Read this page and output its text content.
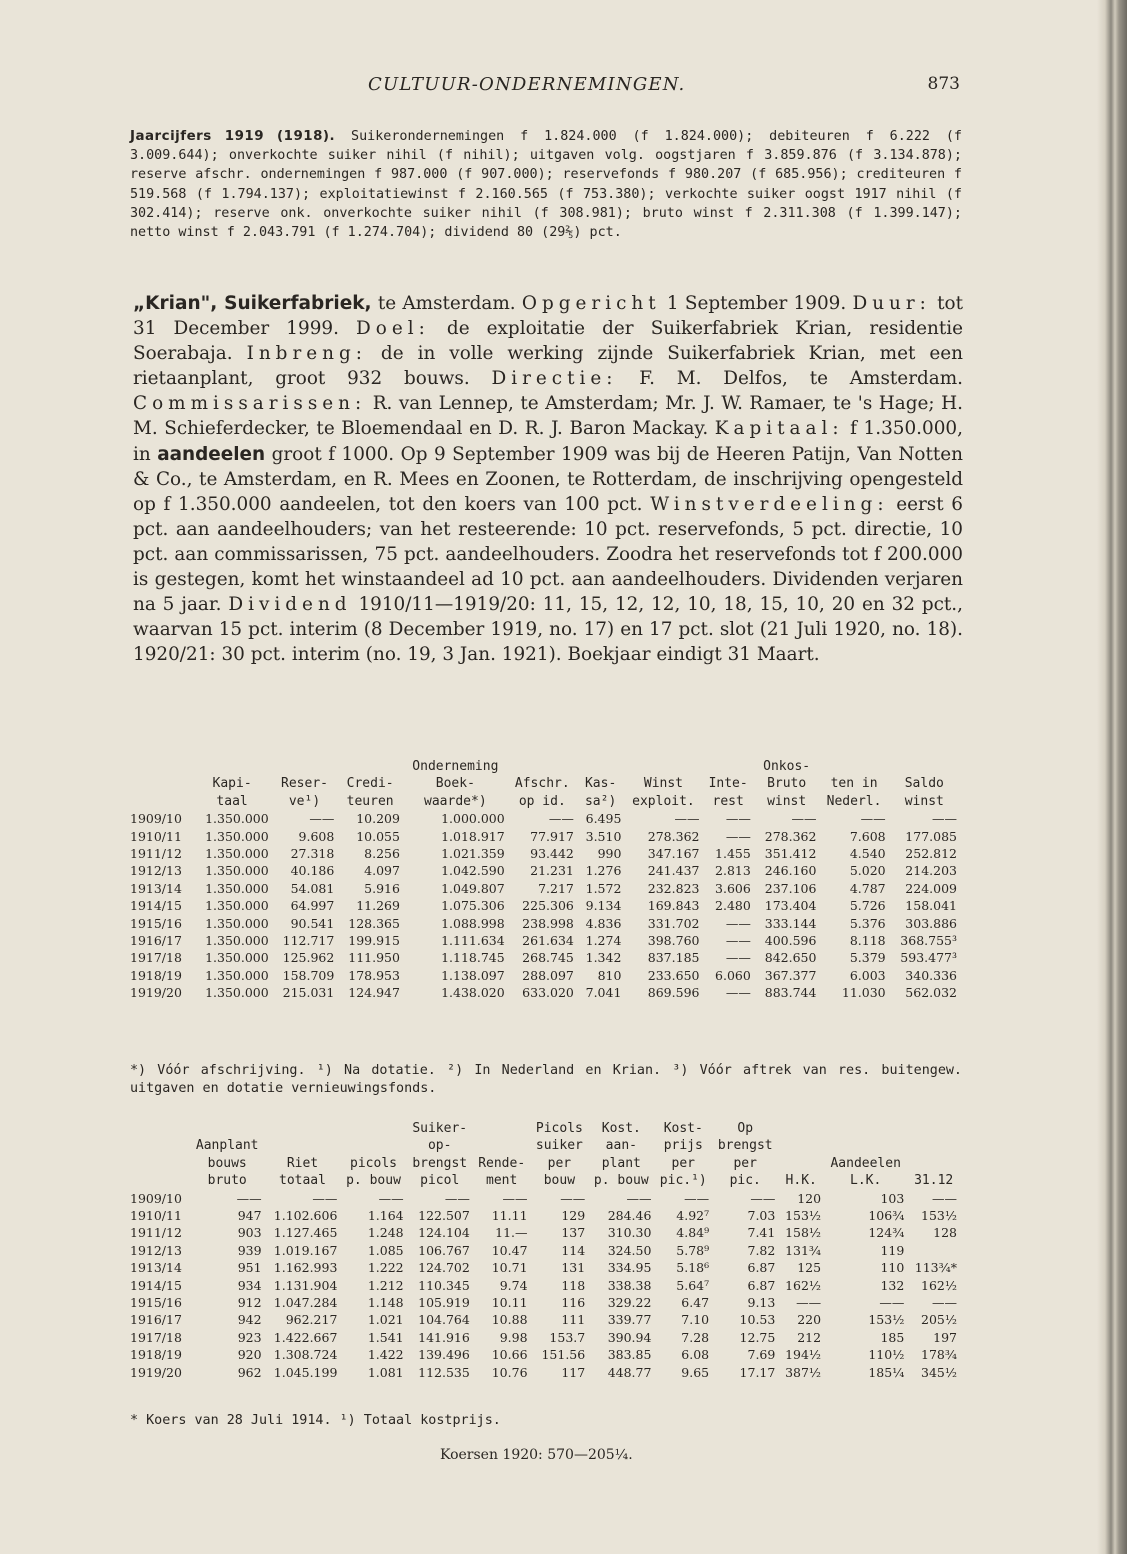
CULTUUR-ONDERNEMINGEN.	873
Jaarcijfers 1919 (1918). Suikerondernemingen f 1.824.000 (f 1.824.000); debiteuren f 6.222 (f 3.009.644); onverkochte suiker nihil (f nihil); uitgaven volg. oogstjaren f 3.859.876 (f 3.134.878); reserve afschr. ondernemingen f 987.000 (f 907.000); reservefonds f 980.207 (f 685.956); crediteuren f 519.568 (f 1.794.137); exploitatiewinst f 2.160.565 (f 753.380); verkochte suiker oogst 1917 nihil (f 302.414); reserve onk. onverkochte suiker nihil (f 308.981); bruto winst f 2.311.308 (f 1.399.147); netto winst f 2.043.791 (f 1.274.704); dividend 80 (29⅖) pct.
„Krian", Suikerfabriek, te Amsterdam. Opgericht 1 September 1909. Duur: tot 31 December 1999. Doel: de exploitatie der Suikerfabriek Krian, residentie Soerabaja. Inbreng: de in volle werking zijnde Suikerfabriek Krian, met een rietaanplant, groot 932 bouws. Directie: F. M. Delfos, te Amsterdam. Commissarissen: R. van Lennep, te Amsterdam; Mr. J. W. Ramaer, te 's Hage; H. M. Schieferdecker, te Bloemendaal en D. R. J. Baron Mackay. Kapitaal: f 1.350.000, in aandeelen groot f 1000. Op 9 September 1909 was bij de Heeren Patijn, Van Notten & Co., te Amsterdam, en R. Mees en Zoonen, te Rotterdam, de inschrijving opengesteld op f 1.350.000 aandeelen, tot den koers van 100 pct. Winstverdeeling: eerst 6 pct. aan aandeelhouders; van het resteerende: 10 pct. reservefonds, 5 pct. directie, 10 pct. aan commissarissen, 75 pct. aandeelhouders. Zoodra het reservefonds tot f 200.000 is gestegen, komt het winstaandeel ad 10 pct. aan aandeelhouders. Dividenden verjaren na 5 jaar. Dividend 1910/11—1919/20: 11, 15, 12, 12, 10, 18, 15, 10, 20 en 32 pct., waarvan 15 pct. interim (8 December 1919, no. 17) en 17 pct. slot (21 Juli 1920, no. 18). 1920/21: 30 pct. interim (no. 19, 3 Jan. 1921). Boekjaar eindigt 31 Maart.
				Onderneming					Onkos-		
	Kapi-	Reser-	Credi-	Boek-	Afschr.	Kas-	Winst	Inte-	Bruto	ten in	Saldo
	taal	ve¹)	teuren	waarde*)	op id.	sa²)	exploit.	rest	winst	Nederl.	winst
1909/10	1.350.000	——	10.209	1.000.000	——	6.495	——	——	——	——	——
1910/11	1.350.000	9.608	10.055	1.018.917	77.917	3.510	278.362	——	278.362	7.608	177.085
1911/12	1.350.000	27.318	8.256	1.021.359	93.442	990	347.167	1.455	351.412	4.540	252.812
1912/13	1.350.000	40.186	4.097	1.042.590	21.231	1.276	241.437	2.813	246.160	5.020	214.203
1913/14	1.350.000	54.081	5.916	1.049.807	7.217	1.572	232.823	3.606	237.106	4.787	224.009
1914/15	1.350.000	64.997	11.269	1.075.306	225.306	9.134	169.843	2.480	173.404	5.726	158.041
1915/16	1.350.000	90.541	128.365	1.088.998	238.998	4.836	331.702	——	333.144	5.376	303.886
1916/17	1.350.000	112.717	199.915	1.111.634	261.634	1.274	398.760	——	400.596	8.118	368.755³
1917/18	1.350.000	125.962	111.950	1.118.745	268.745	1.342	837.185	——	842.650	5.379	593.477³
1918/19	1.350.000	158.709	178.953	1.138.097	288.097	810	233.650	6.060	367.377	6.003	340.336
1919/20	1.350.000	215.031	124.947	1.438.020	633.020	7.041	869.596	——	883.744	11.030	562.032
*) Vóór afschrijving. ¹) Na dotatie. ²) In Nederland en Krian. ³) Vóór aftrek van res. buitengew. uitgaven en dotatie vernieuwingsfonds.
				Suiker-		Picols	Kost.	Kost-	Op			
	Aanplant			op-		suiker	aan-	prijs	brengst			
	bouws	Riet	picols	brengst	Rende-	per	plant	per	per		Aandeelen	
	bruto	totaal	p. bouw	picol	ment	bouw	p. bouw	pic.¹)	pic.	H.K.	L.K.	31.12
1909/10	——	——	——	——	——	——	——	——	——	120	103	——
1910/11	947	1.102.606	1.164	122.507	11.11	129	284.46	4.92⁷	7.03	153½	106¾	153½
1911/12	903	1.127.465	1.248	124.104	11.—	137	310.30	4.84⁹	7.41	158½	124¾	128
1912/13	939	1.019.167	1.085	106.767	10.47	114	324.50	5.78⁹	7.82	131¾	119	
1913/14	951	1.162.993	1.222	124.702	10.71	131	334.95	5.18⁶	6.87	125	110	113¾*
1914/15	934	1.131.904	1.212	110.345	9.74	118	338.38	5.64⁷	6.87	162½	132	162½
1915/16	912	1.047.284	1.148	105.919	10.11	116	329.22	6.47	9.13	——	——	——
1916/17	942	962.217	1.021	104.764	10.88	111	339.77	7.10	10.53	220	153½	205½
1917/18	923	1.422.667	1.541	141.916	9.98	153.7	390.94	7.28	12.75	212	185	197
1918/19	920	1.308.724	1.422	139.496	10.66	151.56	383.85	6.08	7.69	194½	110½	178¾
1919/20	962	1.045.199	1.081	112.535	10.76	117	448.77	9.65	17.17	387½	185¼	345½
* Koers van 28 Juli 1914. ¹) Totaal kostprijs.
Koersen 1920: 570—205¼.
